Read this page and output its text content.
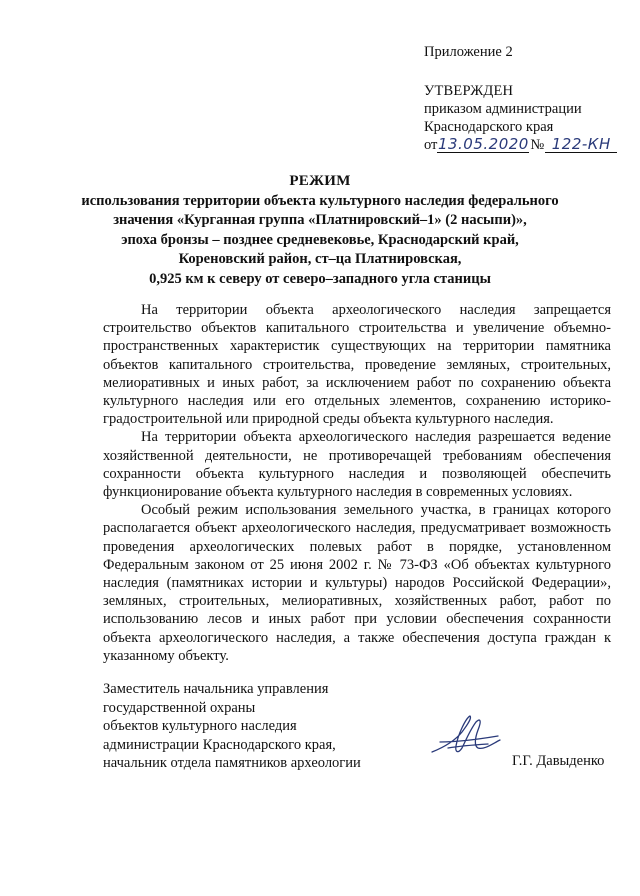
Приложение 2
УТВЕРЖДЕН
приказом администрации
Краснодарского края
от13.05.2020 № 122-КН
РЕЖИМ
использования территории объекта культурного наследия федерального
значения «Курганная группа «Платнировский–1» (2 насыпи)»,
эпоха бронзы – позднее средневековье, Краснодарский край,
Кореновский район, ст–ца Платнировская,
0,925 км к северу от северо–западного угла станицы

На территории объекта археологического наследия запрещается строительство объектов капитального строительства и увеличение объемно-пространственных характеристик существующих на территории памятника объектов капитального строительства, проведение земляных, строительных, мелиоративных и иных работ, за исключением работ по сохранению объекта культурного наследия или его отдельных элементов, сохранению историко-градостроительной или природной среды объекта культурного наследия.

На территории объекта археологического наследия разрешается ведение хозяйственной деятельности, не противоречащей требованиям обеспечения сохранности объекта культурного наследия и позволяющей обеспечить функционирование объекта культурного наследия в современных условиях.

Особый режим использования земельного участка, в границах которого располагается объект археологического наследия, предусматривает возможность проведения археологических полевых работ в порядке, установленном Федеральным законом от 25 июня 2002 г. № 73-ФЗ «Об объектах культурного наследия (памятниках истории и культуры) народов Российской Федерации», земляных, строительных, мелиоративных, хозяйственных работ, работ по использованию лесов и иных работ при условии обеспечения сохранности объекта археологического наследия, а также обеспечения доступа граждан к указанному объекту.

Заместитель начальника управления
государственной охраны
объектов культурного наследия
администрации Краснодарского края,
начальник отдела памятников археологии	Г.Г. Давыденко
